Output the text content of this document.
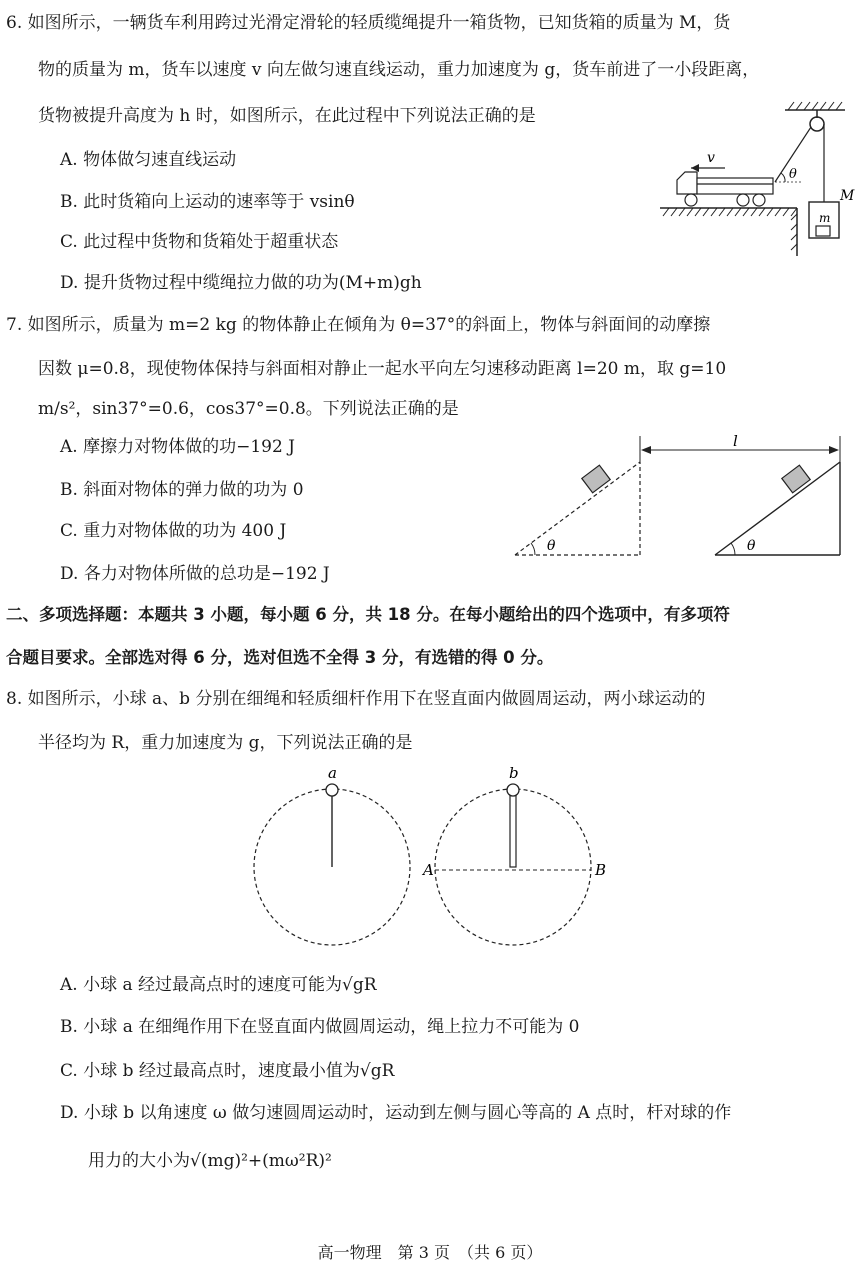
6. 如图所示，一辆货车利用跨过光滑定滑轮的轻质缆绳提升一箱货物，已知货箱的质量为 M，货
物的质量为 m，货车以速度 v 向左做匀速直线运动，重力加速度为 g，货车前进了一小段距离，
货物被提升高度为 h 时，如图所示，在此过程中下列说法正确的是
A. 物体做匀速直线运动
B. 此时货箱向上运动的速率等于 vsinθ
C. 此过程中货物和货箱处于超重状态
D. 提升货物过程中缆绳拉力做的功为(M+m)gh
θ
v
M
m
7. 如图所示，质量为 m=2 kg 的物体静止在倾角为 θ=37°的斜面上，物体与斜面间的动摩擦
因数 μ=0.8，现使物体保持与斜面相对静止一起水平向左匀速移动距离 l=20 m，取 g=10
m/s²，sin37°=0.6，cos37°=0.8。下列说法正确的是
A. 摩擦力对物体做的功−192 J
B. 斜面对物体的弹力做的功为 0
C. 重力对物体做的功为 400 J
D. 各力对物体所做的总功是−192 J
θ	θ
l
二、多项选择题：本题共 3 小题，每小题 6 分，共 18 分。在每小题给出的四个选项中，有多项符
合题目要求。全部选对得 6 分，选对但选不全得 3 分，有选错的得 0 分。
8. 如图所示，小球 a、b 分别在细绳和轻质细杆作用下在竖直面内做圆周运动，两小球运动的
半径均为 R，重力加速度为 g，下列说法正确的是
a	b
A	B
A. 小球 a 经过最高点时的速度可能为√gR
B. 小球 a 在细绳作用下在竖直面内做圆周运动，绳上拉力不可能为 0
C. 小球 b 经过最高点时，速度最小值为√gR
D. 小球 b 以角速度 ω 做匀速圆周运动时，运动到左侧与圆心等高的 A 点时，杆对球的作
用力的大小为√(mg)²+(mω²R)²
高一物理　第 3 页　（共 6 页）
